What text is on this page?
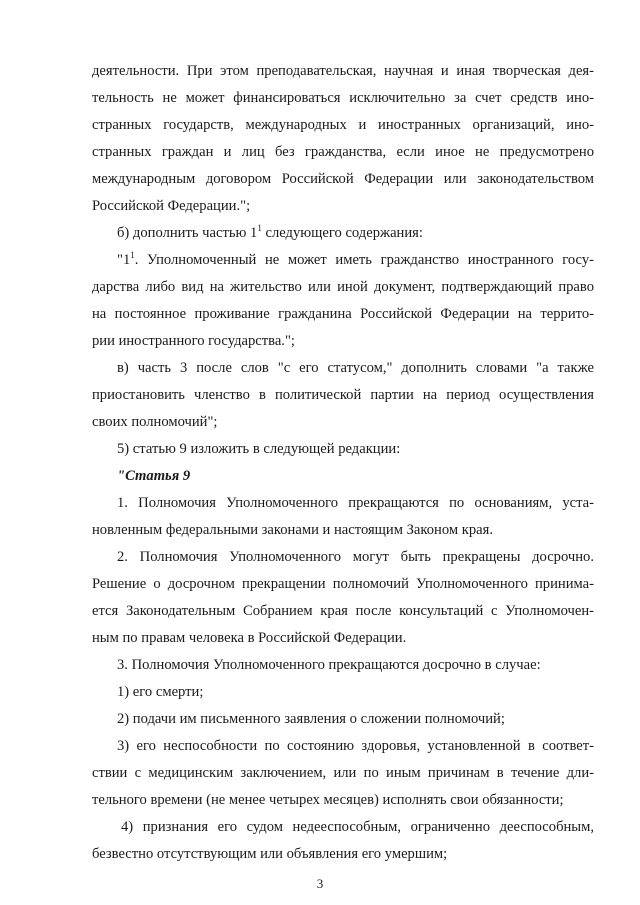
деятельности. При этом преподавательская, научная и иная творческая дея-
тельность не может финансироваться исключительно за счет средств ино-
странных государств, международных и иностранных организаций, ино-
странных граждан и лиц без гражданства, если иное не предусмотрено
международным договором Российской Федерации или законодательством
Российской Федерации.";
б) дополнить частью $1^1$ следующего содержания:
"$1^1$. Уполномоченный не может иметь гражданство иностранного госу-
дарства либо вид на жительство или иной документ, подтверждающий право
на постоянное проживание гражданина Российской Федерации на террито-
рии иностранного государства.";
в) часть 3 после слов "с его статусом," дополнить словами "а также
приостановить членство в политической партии на период осуществления
своих полномочий";
5) статью 9 изложить в следующей редакции:
"Статья 9
1. Полномочия Уполномоченного прекращаются по основаниям, уста-
новленным федеральными законами и настоящим Законом края.
2. Полномочия Уполномоченного могут быть прекращены досрочно.
Решение о досрочном прекращении полномочий Уполномоченного принима-
ется Законодательным Собранием края после консультаций с Уполномочен-
ным по правам человека в Российской Федерации.
3. Полномочия Уполномоченного прекращаются досрочно в случае:
1) его смерти;
2) подачи им письменного заявления о сложении полномочий;
3) его неспособности по состоянию здоровья, установленной в соответ-
ствии с медицинским заключением, или по иным причинам в течение дли-
тельного времени (не менее четырех месяцев) исполнять свои обязанности;
4) признания его судом недееспособным, ограниченно дееспособным,
безвестно отсутствующим или объявления его умершим;
3
